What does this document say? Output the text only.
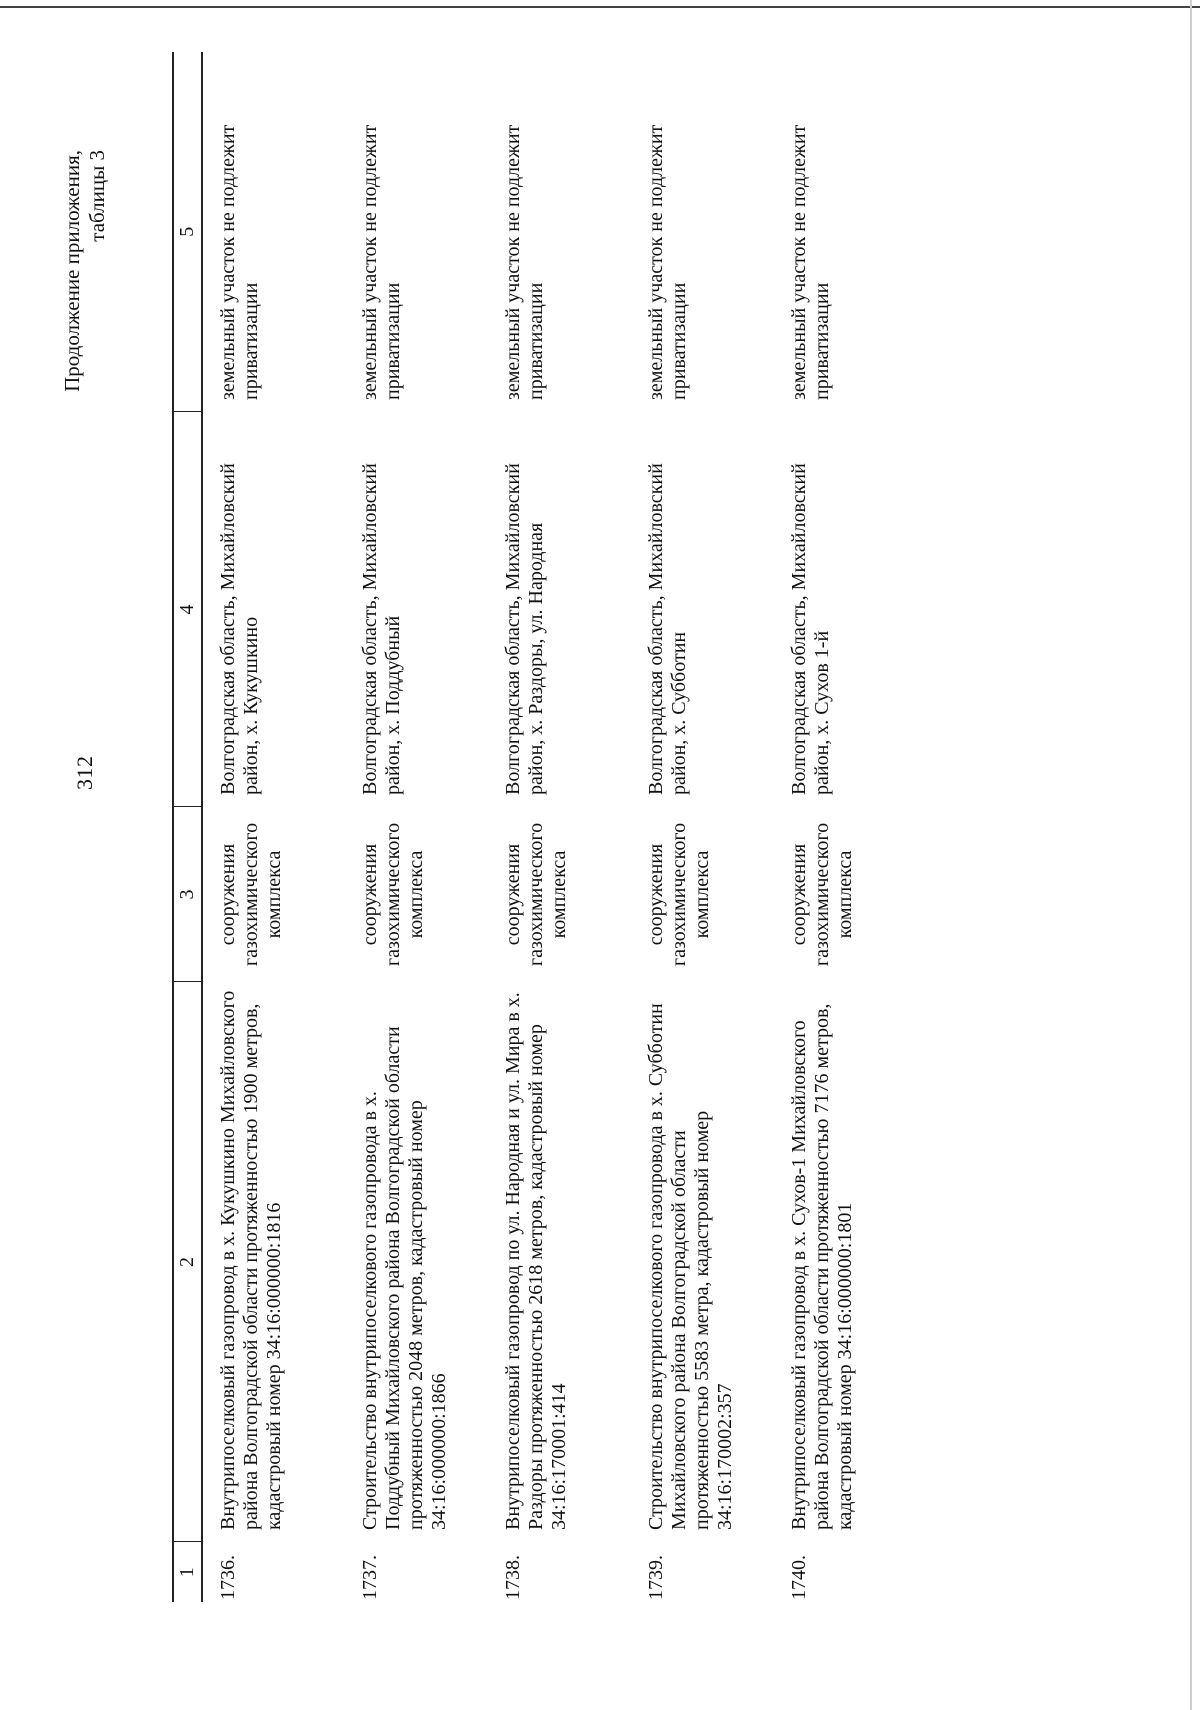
312
Продолжение приложения, таблицы 3
1	2	3	4	5
1736.	Внутрипоселковый газопровод в х. Кукушкино Михайловского района Волгоградской области протяженностью 1900 метров, кадастровый номер 34:16:000000:1816	сооружения газохимического комплекса	Волгоградская область, Михайловский район, х. Кукушкино	земельный участок не подлежит приватизации
1737.	Строительство внутрипоселкового газопровода в х. Поддубный Михайловского района Волгоградской области протяженностью 2048 метров, кадастровый номер 34:16:000000:1866	сооружения газохимического комплекса	Волгоградская область, Михайловский район, х. Поддубный	земельный участок не подлежит приватизации
1738.	Внутрипоселковый газопровод по ул. Народная и ул. Мира в х. Раздоры протяженностью 2618 метров, кадастровый номер 34:16:170001:414	сооружения газохимического комплекса	Волгоградская область, Михайловский район, х. Раздоры, ул. Народная	земельный участок не подлежит приватизации
1739.	Строительство внутрипоселкового газопровода в х. Субботин Михайловского района Волгоградской области протяженностью 5583 метра, кадастровый номер 34:16:170002:357	сооружения газохимического комплекса	Волгоградская область, Михайловский район, х. Субботин	земельный участок не подлежит приватизации
1740.	Внутрипоселковый газопровод в х. Сухов-1 Михайловского района Волгоградской области протяженностью 7176 метров, кадастровый номер 34:16:000000:1801	сооружения газохимического комплекса	Волгоградская область, Михайловский район, х. Сухов 1-й	земельный участок не подлежит приватизации
